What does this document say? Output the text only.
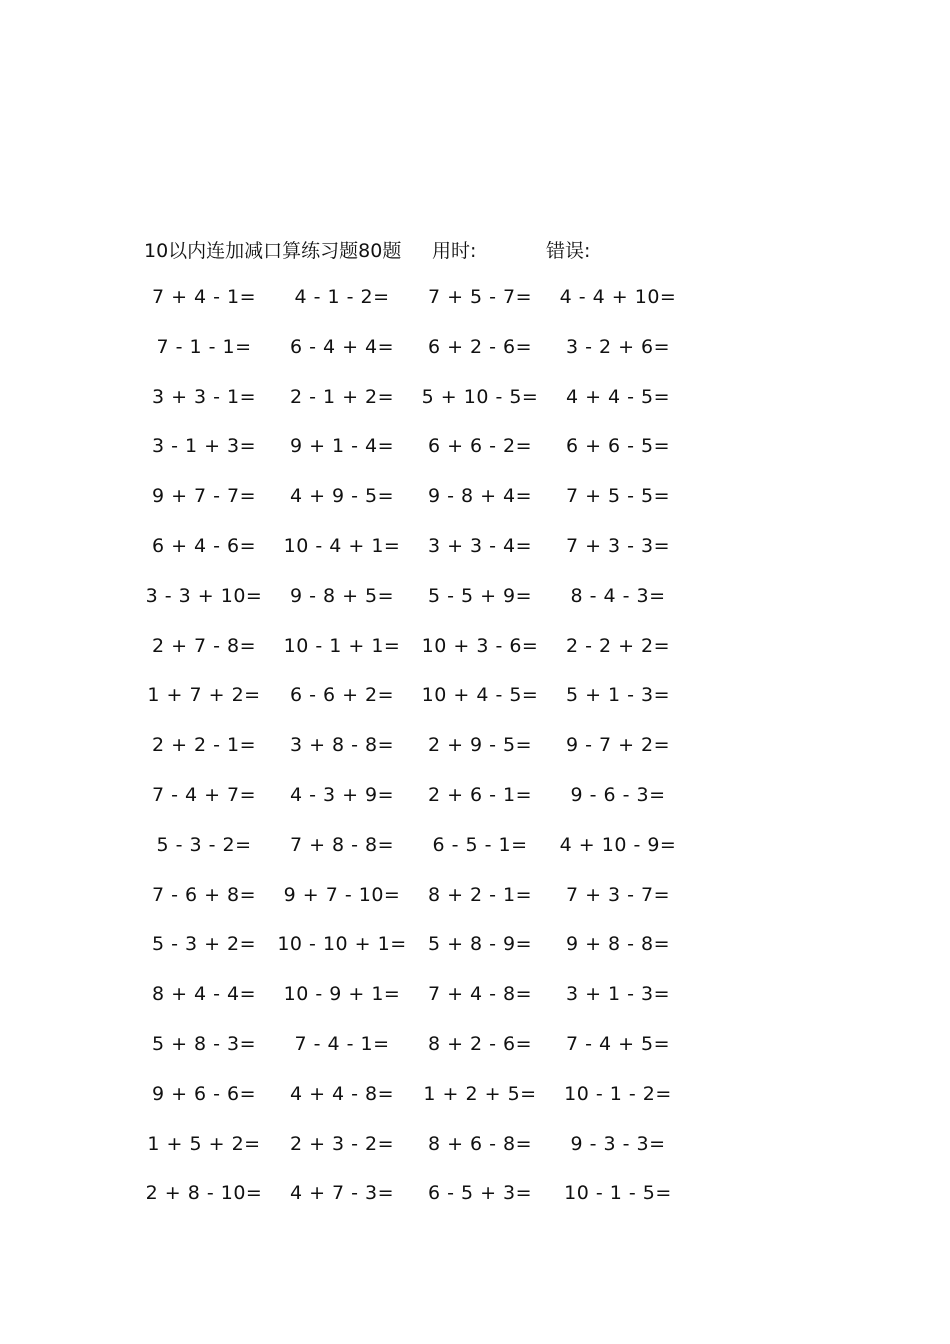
10以内连加减口算练习题80题 用时:	错误:
7 + 4 - 1=	4 - 1 - 2=	7 + 5 - 7=	4 - 4 + 10=
7 - 1 - 1=	6 - 4 + 4=	6 + 2 - 6=	3 - 2 + 6=
3 + 3 - 1=	2 - 1 + 2=	5 + 10 - 5=	4 + 4 - 5=
3 - 1 + 3=	9 + 1 - 4=	6 + 6 - 2=	6 + 6 - 5=
9 + 7 - 7=	4 + 9 - 5=	9 - 8 + 4=	7 + 5 - 5=
6 + 4 - 6=	10 - 4 + 1=	3 + 3 - 4=	7 + 3 - 3=
3 - 3 + 10=	9 - 8 + 5=	5 - 5 + 9=	8 - 4 - 3=
2 + 7 - 8=	10 - 1 + 1=	10 + 3 - 6=	2 - 2 + 2=
1 + 7 + 2=	6 - 6 + 2=	10 + 4 - 5=	5 + 1 - 3=
2 + 2 - 1=	3 + 8 - 8=	2 + 9 - 5=	9 - 7 + 2=
7 - 4 + 7=	4 - 3 + 9=	2 + 6 - 1=	9 - 6 - 3=
5 - 3 - 2=	7 + 8 - 8=	6 - 5 - 1=	4 + 10 - 9=
7 - 6 + 8=	9 + 7 - 10=	8 + 2 - 1=	7 + 3 - 7=
5 - 3 + 2=	10 - 10 + 1=	5 + 8 - 9=	9 + 8 - 8=
8 + 4 - 4=	10 - 9 + 1=	7 + 4 - 8=	3 + 1 - 3=
5 + 8 - 3=	7 - 4 - 1=	8 + 2 - 6=	7 - 4 + 5=
9 + 6 - 6=	4 + 4 - 8=	1 + 2 + 5=	10 - 1 - 2=
1 + 5 + 2=	2 + 3 - 2=	8 + 6 - 8=	9 - 3 - 3=
2 + 8 - 10=	4 + 7 - 3=	6 - 5 + 3=	10 - 1 - 5=
